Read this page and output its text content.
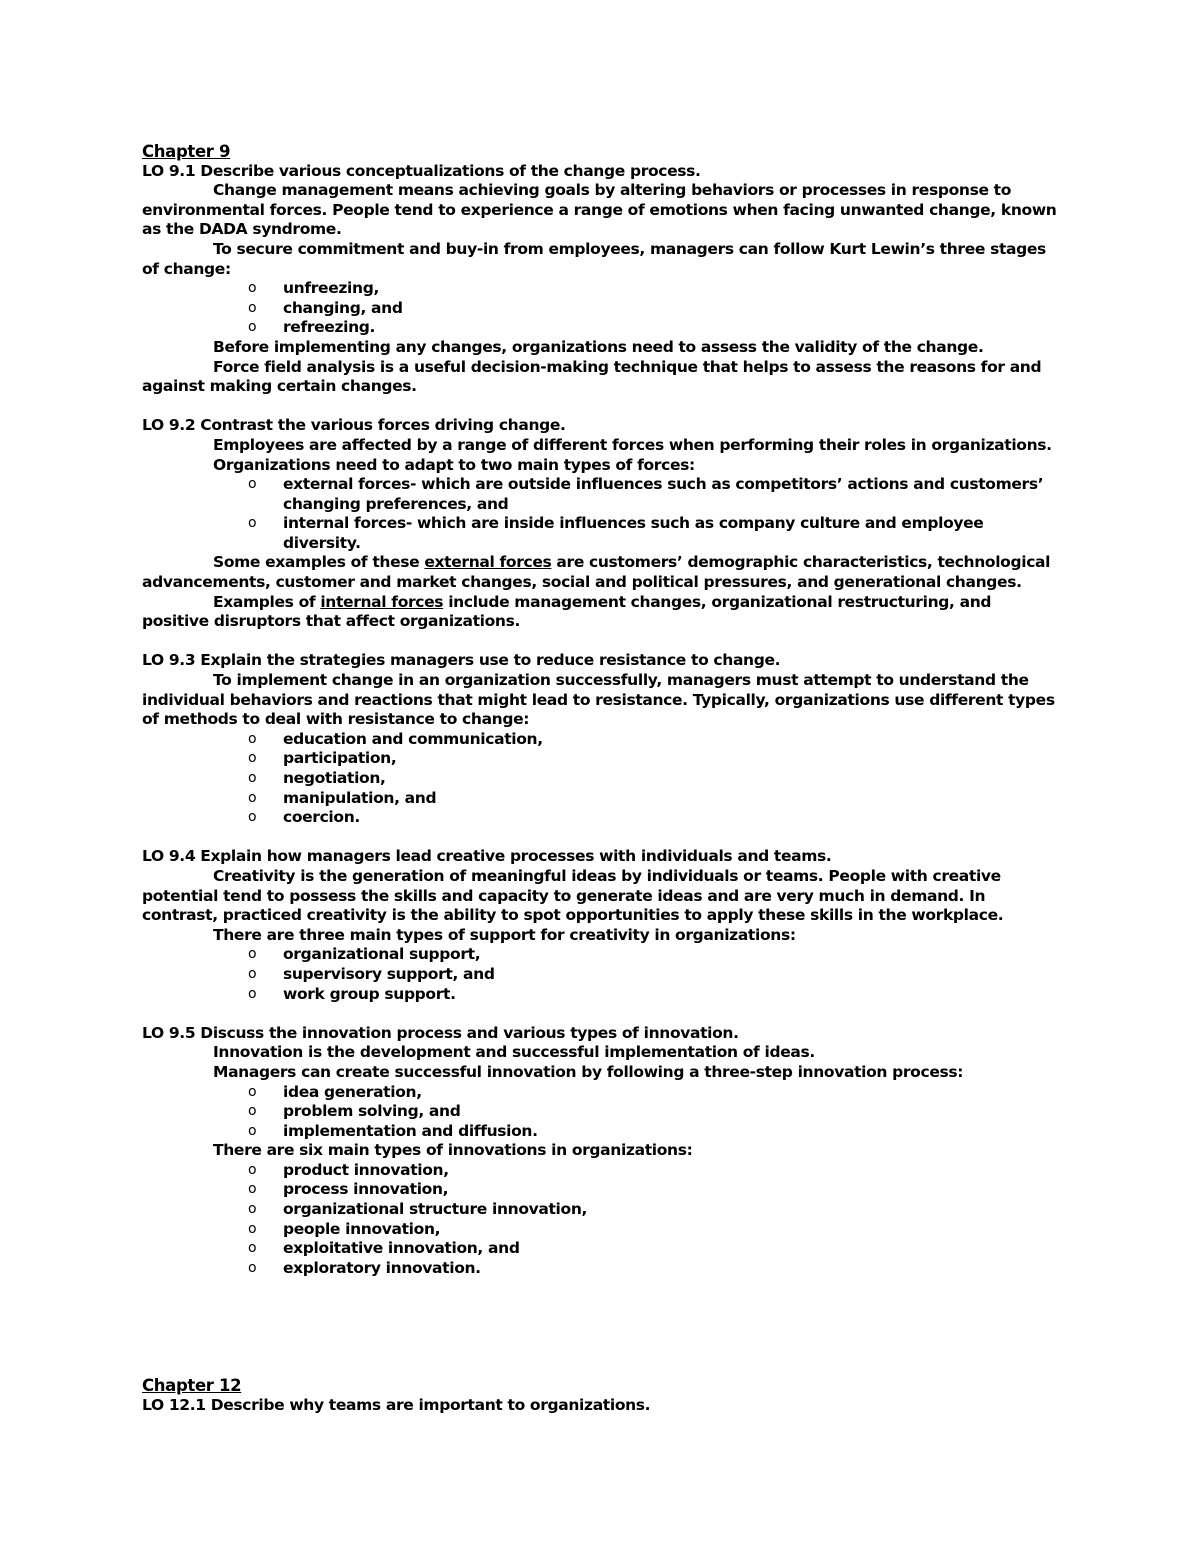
Chapter 9
LO 9.1 Describe various conceptualizations of the change process.
Change management means achieving goals by altering behaviors or processes in response to environmental forces. People tend to experience a range of emotions when facing unwanted change, known as the DADA syndrome.
To secure commitment and buy-in from employees, managers can follow Kurt Lewin’s three stages of change:
o unfreezing,
o changing, and
o refreezing.
Before implementing any changes, organizations need to assess the validity of the change.
Force field analysis is a useful decision-making technique that helps to assess the reasons for and against making certain changes.
LO 9.2 Contrast the various forces driving change.
Employees are affected by a range of different forces when performing their roles in organizations.
Organizations need to adapt to two main types of forces:
o external forces- which are outside influences such as competitors’ actions and customers’ changing preferences, and
o internal forces- which are inside influences such as company culture and employee diversity.
Some examples of these external forces are customers’ demographic characteristics, technological advancements, customer and market changes, social and political pressures, and generational changes.
Examples of internal forces include management changes, organizational restructuring, and positive disruptors that affect organizations.
LO 9.3 Explain the strategies managers use to reduce resistance to change.
To implement change in an organization successfully, managers must attempt to understand the individual behaviors and reactions that might lead to resistance. Typically, organizations use different types of methods to deal with resistance to change:
o education and communication,
o participation,
o negotiation,
o manipulation, and
o coercion.
LO 9.4 Explain how managers lead creative processes with individuals and teams.
Creativity is the generation of meaningful ideas by individuals or teams. People with creative potential tend to possess the skills and capacity to generate ideas and are very much in demand. In contrast, practiced creativity is the ability to spot opportunities to apply these skills in the workplace.
There are three main types of support for creativity in organizations:
o organizational support,
o supervisory support, and
o work group support.
LO 9.5 Discuss the innovation process and various types of innovation.
Innovation is the development and successful implementation of ideas.
Managers can create successful innovation by following a three-step innovation process:
o idea generation,
o problem solving, and
o implementation and diffusion.
There are six main types of innovations in organizations:
o product innovation,
o process innovation,
o organizational structure innovation,
o people innovation,
o exploitative innovation, and
o exploratory innovation.
Chapter 12
LO 12.1 Describe why teams are important to organizations.
